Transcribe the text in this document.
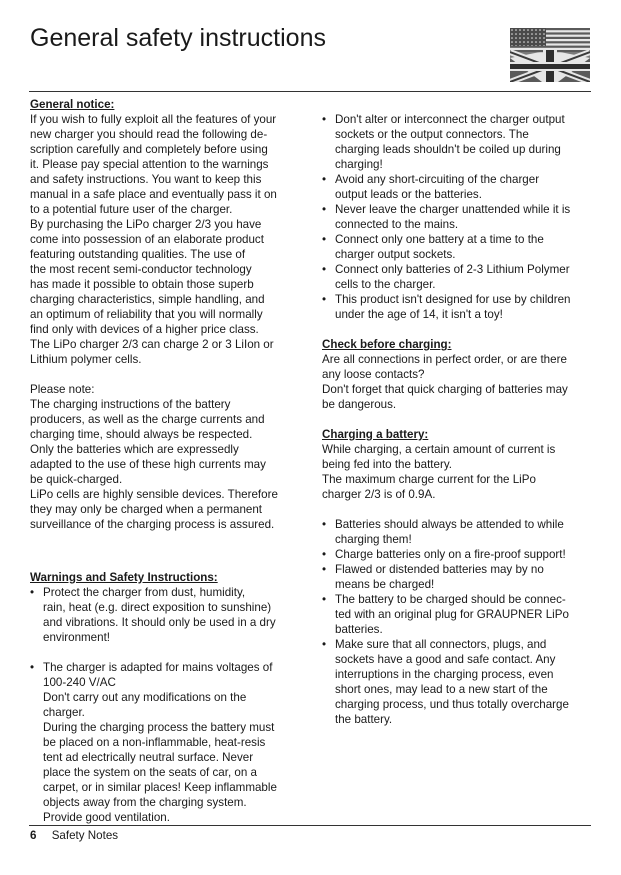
General safety instructions

General notice:

If you wish to fully exploit all the features of your
new charger you should read the following de-
scription carefully and completely before using
it. Please pay special attention to the warnings
and safety instructions. You want to keep this
manual in a safe place and eventually pass it on
to a potential future user of the charger.
By purchasing the LiPo charger 2/3 you have
come into possession of an elaborate product
featuring outstanding qualities. The use of
the most recent semi-conductor technology
has made it possible to obtain those superb
charging characteristics, simple handling, and
an optimum of reliability that you will normally
find only with devices of a higher price class.
The LiPo charger 2/3 can charge 2 or 3 LiIon or
Lithium polymer cells.

Please note:
The charging instructions of the battery
producers, as well as the charge currents and
charging time, should always be respected.
Only the batteries which are expressedly
adapted to the use of these high currents may
be quick-charged.
LiPo cells are highly sensible devices. Therefore
they may only be charged when a permanent
surveillance of the charging process is assured.

Warnings and Safety Instructions:

• Protect the charger from dust, humidity,
rain, heat (e.g. direct exposition to sunshine)
and vibrations. It should only be used in a dry
environment!
• The charger is adapted for mains voltages of
100-240 V/AC
Don't carry out any modifications on the
charger.
During the charging process the battery must
be placed on a non-inflammable, heat-resis
tent ad electrically neutral surface. Never
place the system on the seats of car, on a
carpet, or in similar places! Keep inflammable
objects away from the charging system.
Provide good ventilation.
• Don't alter or interconnect the charger output
sockets or the output connectors. The
charging leads shouldn't be coiled up during
charging!
• Avoid any short-circuiting of the charger
output leads or the batteries.
• Never leave the charger unattended while it is
connected to the mains.
• Connect only one battery at a time to the
charger output sockets.
• Connect only batteries of 2-3 Lithium Polymer
cells to the charger.
• This product isn't designed for use by children
under the age of 14, it isn't a toy!

Check before charging:

Are all connections in perfect order, or are there
any loose contacts?
Don't forget that quick charging of batteries may
be dangerous.

Charging a battery:

While charging, a certain amount of current is
being fed into the battery.
The maximum charge current for the LiPo
charger 2/3 is of 0.9A.

• Batteries should always be attended to while
charging them!
• Charge batteries only on a fire-proof support!
• Flawed or distended batteries may by no
means be charged!
• The battery to be charged should be connec-
ted with an original plug for GRAUPNER LiPo
batteries.
• Make sure that all connectors, plugs, and
sockets have a good and safe contact. Any
interruptions in the charging process, even
short ones, may lead to a new start of the
charging process, und thus totally overcharge
the battery.
6 Safety Notes
